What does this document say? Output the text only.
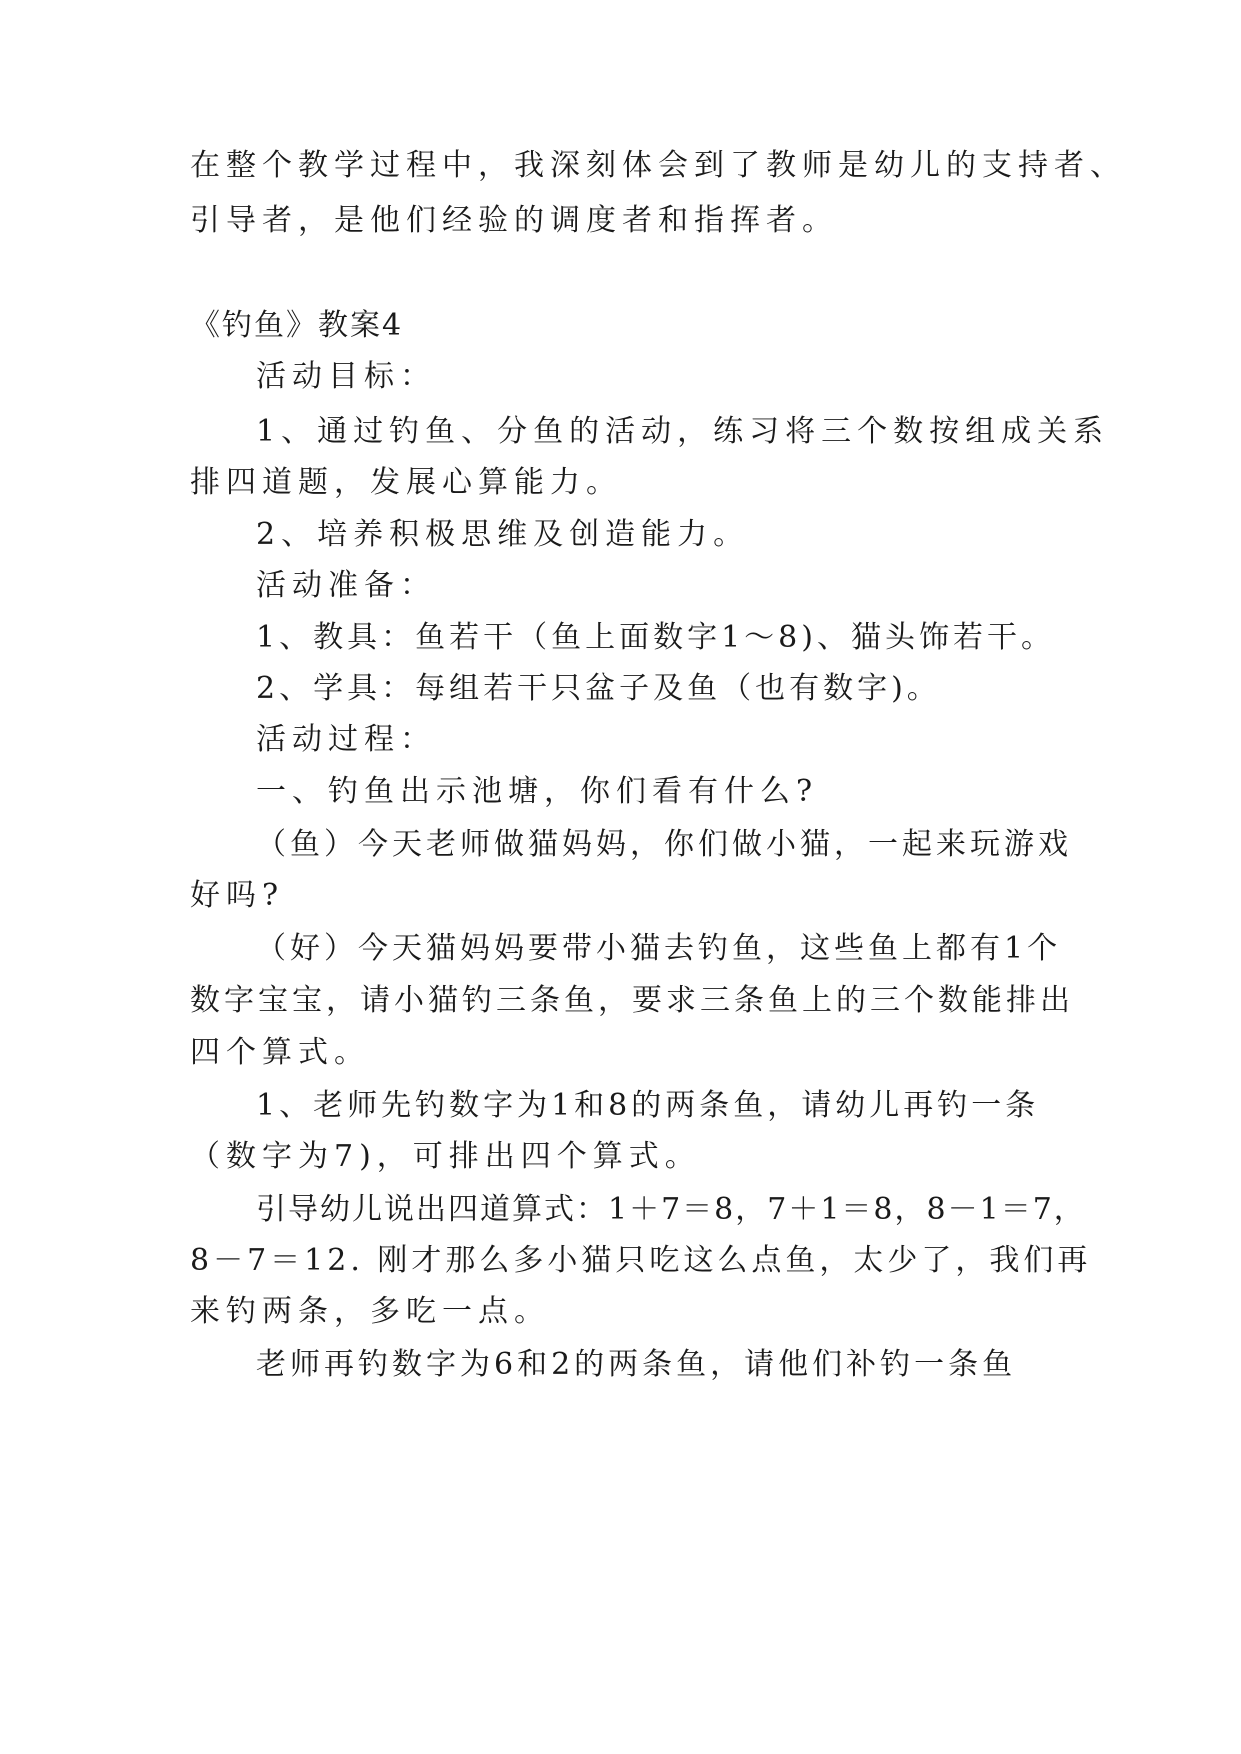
在整个教学过程中，我深刻体会到了教师是幼儿的支持者、
引导者，是他们经验的调度者和指挥者。
《钓鱼》教案4
活动目标：
1、通过钓鱼、分鱼的活动，练习将三个数按组成关系
排四道题，发展心算能力。
2、培养积极思维及创造能力。
活动准备：
1、教具：鱼若干（鱼上面数字1～8)、猫头饰若干。
2、学具：每组若干只盆子及鱼（也有数字)。
活动过程：
一、钓鱼出示池塘，你们看有什么?
（鱼）今天老师做猫妈妈，你们做小猫，一起来玩游戏
好吗?
（好）今天猫妈妈要带小猫去钓鱼，这些鱼上都有1个
数字宝宝，请小猫钓三条鱼，要求三条鱼上的三个数能排出
四个算式。
1、老师先钓数字为1和8的两条鱼，请幼儿再钓一条
（数字为7)，可排出四个算式。
引导幼儿说出四道算式：1＋7＝8，7＋1＝8，8－1＝7，
8－7＝12. 刚才那么多小猫只吃这么点鱼，太少了，我们再
来钓两条，多吃一点。
老师再钓数字为6和2的两条鱼，请他们补钓一条鱼
